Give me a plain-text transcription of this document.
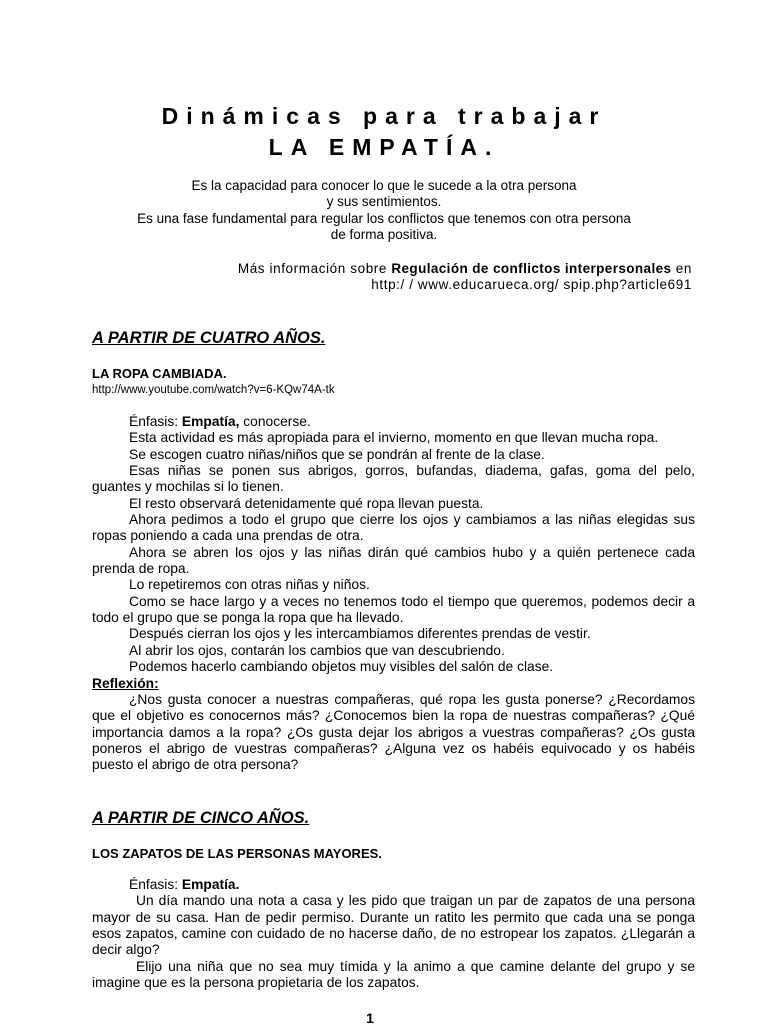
Dinámicas para trabajar
LA EMPATÍA.
Es la capacidad para conocer lo que le sucede a la otra persona
y sus sentimientos.
Es una fase fundamental para regular los conflictos que tenemos con otra persona
de forma positiva.
Más información sobre Regulación de conflictos interpersonales en
http:/ / www.educarueca.org/ spip.php?article691
A PARTIR DE CUATRO AÑOS.
LA ROPA CAMBIADA.
http://www.youtube.com/watch?v=6-KQw74A-tk

Énfasis: Empatía, conocerse.

Esta actividad es más apropiada para el invierno, momento en que llevan mucha ropa.

Se escogen cuatro niñas/niños que se pondrán al frente de la clase.

Esas niñas se ponen sus abrigos, gorros, bufandas, diadema, gafas, goma del pelo, guantes y mochilas si lo tienen.

El resto observará detenidamente qué ropa llevan puesta.

Ahora pedimos a todo el grupo que cierre los ojos y cambiamos a las niñas elegidas sus ropas poniendo a cada una prendas de otra.

Ahora se abren los ojos y las niñas dirán qué cambios hubo y a quién pertenece cada prenda de ropa.

Lo repetiremos con otras niñas y niños.

Como se hace largo y a veces no tenemos todo el tiempo que queremos, podemos decir a todo el grupo que se ponga la ropa que ha llevado.

Después cierran los ojos y les intercambiamos diferentes prendas de vestir.

Al abrir los ojos, contarán los cambios que van descubriendo.

Podemos hacerlo cambiando objetos muy visibles del salón de clase.

Reflexión:

¿Nos gusta conocer a nuestras compañeras, qué ropa les gusta ponerse? ¿Recordamos que el objetivo es conocernos más? ¿Conocemos bien la ropa de nuestras compañeras? ¿Qué importancia damos a la ropa? ¿Os gusta dejar los abrigos a vuestras compañeras? ¿Os gusta poneros el abrigo de vuestras compañeras? ¿Alguna vez os habéis equivocado y os habéis puesto el abrigo de otra persona?

A PARTIR DE CINCO AÑOS.
LOS ZAPATOS DE LAS PERSONAS MAYORES.

Énfasis: Empatía.

Un día mando una nota a casa y les pido que traigan un par de zapatos de una persona mayor de su casa. Han de pedir permiso. Durante un ratito les permito que cada una se ponga esos zapatos, camine con cuidado de no hacerse daño, de no estropear los zapatos. ¿Llegarán a decir algo?

Elijo una niña que no sea muy tímida y la animo a que camine delante del grupo y se imagine que es la persona propietaria de los zapatos.

1
